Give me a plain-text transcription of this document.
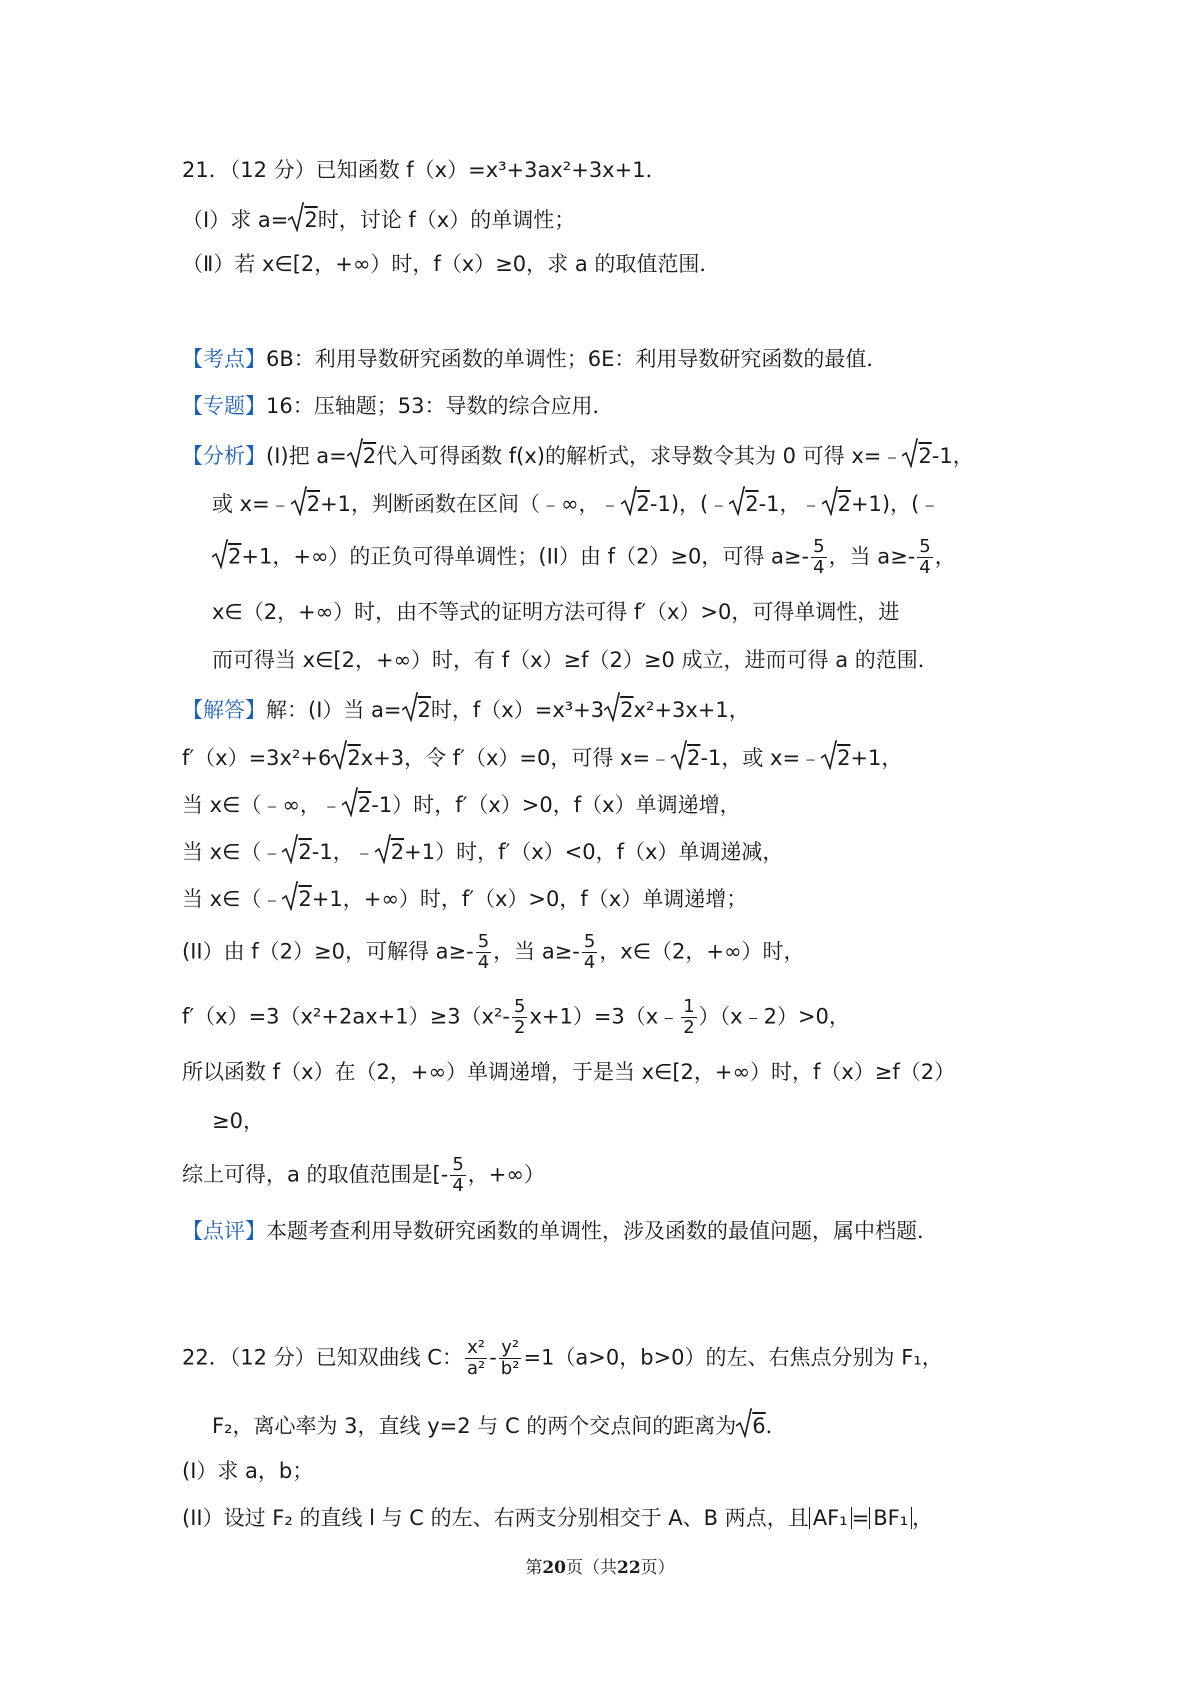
21．（12 分）已知函数 f（x）=x³+3ax²+3x+1．
（Ⅰ）求 a= 2时，讨论 f（x）的单调性；
（Ⅱ）若 x∈[2，+∞）时，f（x）≥0，求 a 的取值范围．
【考点】6B：利用导数研究函数的单调性；6E：利用导数研究函数的最值．
【专题】16：压轴题；53：导数的综合应用．
【分析】(I)把 a= 2代入可得函数 f(x)的解析式，求导数令其为 0 可得 x=﹣ 2-1，
或 x=﹣ 2+1，判断函数在区间（﹣∞，﹣ 2-1)，(﹣ 2-1，﹣ 2+1)，(﹣
2+1，+∞）的正负可得单调性；(II）由 f（2）≥0，可得 $a\ge- \frac{5}{4}$ ，当 $a\ge- \frac{5}{4}$ ，
x∈（2，+∞）时，由不等式的证明方法可得 f′（x）>0，可得单调性，进
而可得当 x∈[2，+∞）时，有 f（x）≥f（2）≥0 成立，进而可得 a 的范围．
【解答】解：(I）当 a= 2时，f（x）=x³+3 2x²+3x+1，
f′（x）=3x²+6 2x+3，令 f′（x）=0，可得 x=﹣ 2-1，或 x=﹣ 2+1，
当 x∈（﹣∞，﹣ 2-1）时，f′（x）>0，f（x）单调递增，
当 x∈（﹣ 2-1，﹣ 2+1）时，f′（x）<0，f（x）单调递减，
当 x∈（﹣ 2+1，+∞）时，f′（x）>0，f（x）单调递增；
(II）由 f（2）≥0，可解得 $a\ge- \frac{5}{4}$ ，当 $a\ge- \frac{5}{4}$ ，x∈（2，+∞）时，
$f'(x)=3(x^2+2ax+1)\ge 3(x^2- \frac{5}{2}$ x+1）=3（x﹣ $\frac{1}{2}$ ）（x﹣2）>0，
所以函数 f（x）在（2，+∞）单调递增，于是当 x∈[2，+∞）时，f（x）≥f（2）
≥0，
综上可得，a 的取值范围是[- $\frac{5}{4}$ ，+∞）
【点评】本题考查利用导数研究函数的单调性，涉及函数的最值问题，属中档题．
22．（12 分）已知双曲线 C： $\frac{\text{x²}}{\text{a²}} - \frac{\text{y²}}{\text{b²}} =1(a>0$，b>0）的左、右焦点分别为 F₁，
F₂，离心率为 3，直线 y=2 与 C 的两个交点间的距离为 6．
(I）求 a，b；
(II）设过 F₂ 的直线 l 与 C 的左、右两支分别相交于 A、B 两点，且 AF₁ = BF₁ ，
第20页（共22页）
